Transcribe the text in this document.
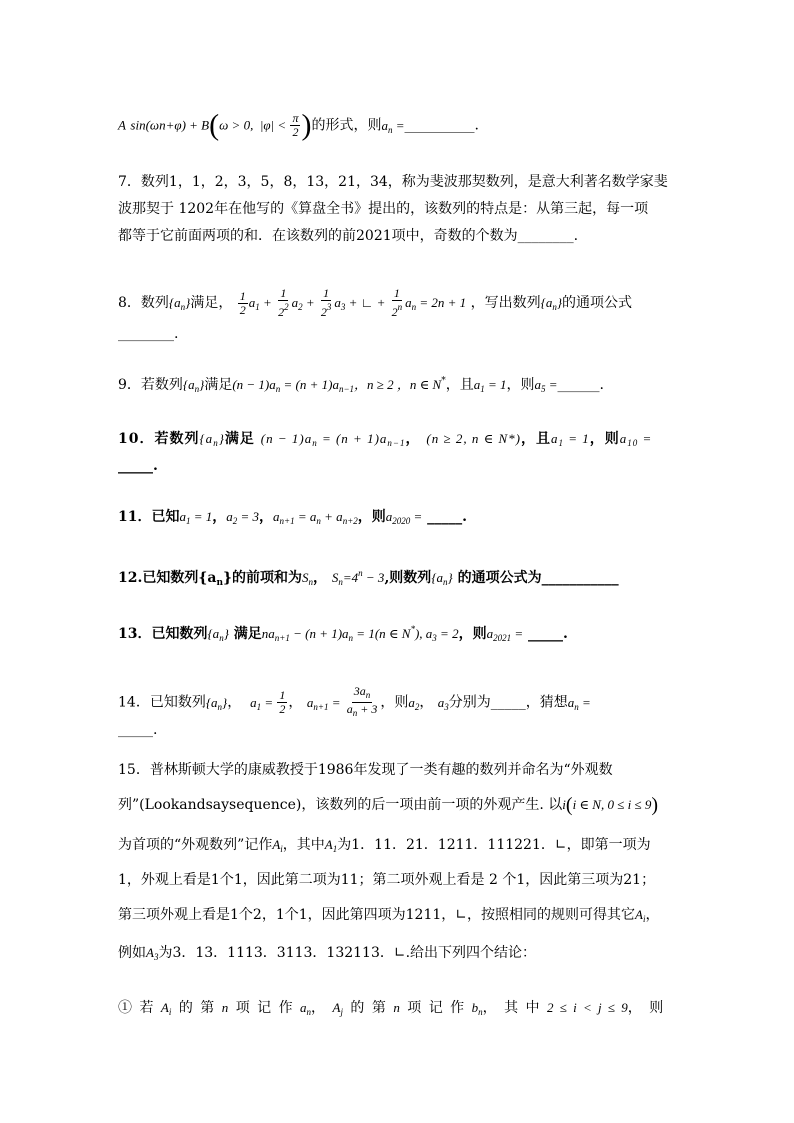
A sin(ωn+φ) + B(ω > 0,  $|\varphi| < \frac{\pi}{2}$ )的形式，则$a_n$ =__________.
7．数列1，1，2，3，5，8，13，21，34，称为斐波那契数列，是意大利著名数学家斐
波那契于 1202年在他写的《算盘全书》提出的，该数列的特点是：从第三起，每一项
都等于它前面两项的和．在该数列的前2021项中，奇数的个数为________.
8．数列$\{a_n\}$满足， $\frac{1}{2} a_1 + \frac{1}{2^2} a_2 + \frac{1}{2^3} a_3$ + ∟ + $\frac{1}{2^n} a_n = 2n + 1$ ，写出数列$\{a_n\}$的通项公式
________.
9．若数列$\{a_n\}$满足$(n - 1)a_n = (n + 1)a_{n-1}$，n ≥ 2 ，n ∈ N*，且$a_1 = 1$，则$a_5$ =______.
10．若数列$\{a_n\}$满足 $(n - 1)a_n = (n + 1)a_{n-1}$， (n ≥ 2, n ∈ N*)，且$a_1 = 1$，则$a_{10}$ =
_____.
11．已知$a_1 = 1$，$a_2 = 3$，$a_{n+1} = a_n + a_{n+2}$，则$a_{2020}$ = _____.
12.已知数列$\{a_n\}$的前项和为$S_n$， $S_n=4^n - 3$,则数列$\{a_n\}$ 的通项公式为___________
13．已知数列$\{a_n\}$ 满足$na_{n+1} - (n + 1)a_n = 1(n$ ∈ N*), $a_3 = 2$，则$a_{2021}$ = _____.
14．已知数列$\{a_n\}$， $a_1 = \frac{1}{2}$ ， $a_{n+1} = \frac{3a_n}{a_n + 3}$ ，则$a_2$， $a_3$分别为_____，猜想$a_n$ =
_____.
15．普林斯顿大学的康威教授于1986年发现了一类有趣的数列并命名为“外观数
列”(Lookandsaysequence)，该数列的后一项由前一项的外观产生. 以i(i ∈ N, 0 ≤ i ≤ 9)
为首项的“外观数列”记作$A_i$，其中$A_1$为1．11．21．1211．111221．∟，即第一项为
1，外观上看是1个1，因此第二项为11；第二项外观上看是 2 个1，因此第三项为21；
第三项外观上看是1个2，1个1，因此第四项为1211，∟，按照相同的规则可得其它$A_i$，
例如$A_3$为3．13．1113．3113．132113．∟.给出下列四个结论：
① 若 $A_i$ 的 第 n 项 记 作 $a_n$， $A_j$ 的 第 n 项 记 作 $b_n$， 其 中 2 ≤ i < j ≤ 9， 则
